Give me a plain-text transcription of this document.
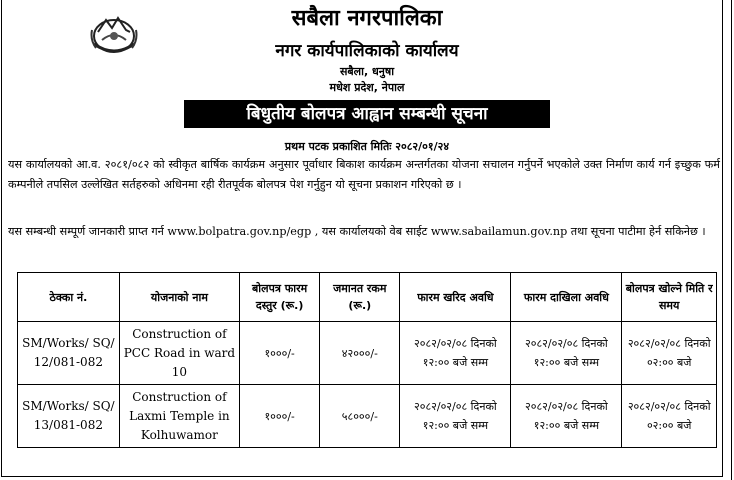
सबैला नगरपालिका
नगर कार्यपालिकाको कार्यालय
सबैला, धनुषा
मधेश प्रदेश, नेपाल
बिधुतीय बोलपत्र आह्वान सम्बन्धी सूचना
प्रथम पटक प्रकाशित मितिः २०८२/०१/२४
यस कार्यालयको आ.व. २०८१/०८२ को स्वीकृत बार्षिक कार्यक्रम अनुसार पूर्वाधार बिकाश कार्यक्रम अन्तर्गतका योजना सचालन गर्नुपर्ने भएकोले उक्त निर्माण कार्य गर्न इच्छुक फर्म कम्पनीले तपसिल उल्लेखित सर्तहरुको अधिनमा रही रीतपूर्वक बोलपत्र पेश गर्नुहुन यो सूचना प्रकाशन गरिएको छ ।
यस सम्बन्धी सम्पूर्ण जानकारी प्राप्त गर्न www.bolpatra.gov.np/egp , यस कार्यालयको वेब साईट www.sabailamun.gov.np तथा सूचना पाटीमा हेर्न सकिनेछ ।
ठेक्का नं.	योजनाको नाम	बोलपत्र फारम दस्तुर (रू.)	जमानत रकम (रू.)	फारम खरिद अवधि	फारम दाखिला अवधि	बोलपत्र खोल्ने मिति र समय
SM/Works/ SQ/ 12/081-082	Construction of PCC Road in ward 10	१०००/-	४२०००/-	२०८२/०२/०८ दिनको १२:०० बजे सम्म	२०८२/०२/०८ दिनको १२:०० बजे सम्म	२०८२/०२/०८ दिनको ०२:०० बजे
SM/Works/ SQ/ 13/081-082	Construction of Laxmi Temple in Kolhuwamor	१०००/-	५८०००/-	२०८२/०२/०८ दिनको १२:०० बजे सम्म	२०८२/०२/०८ दिनको १२:०० बजे सम्म	२०८२/०२/०८ दिनको ०२:०० बजे
